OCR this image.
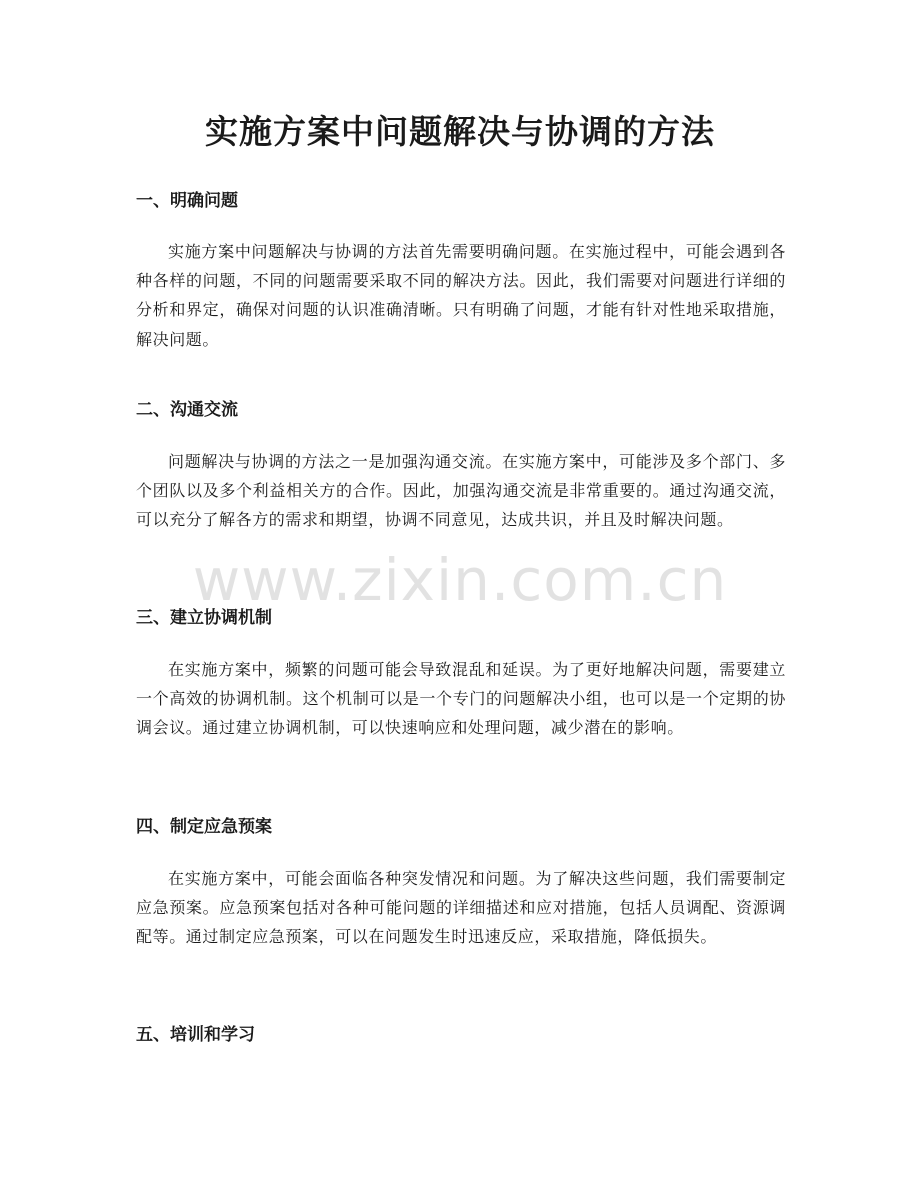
实施方案中问题解决与协调的方法
一、明确问题

实施方案中问题解决与协调的方法首先需要明确问题。在实施过程中，可能会遇到各种各样的问题，不同的问题需要采取不同的解决方法。因此，我们需要对问题进行详细的分析和界定，确保对问题的认识准确清晰。只有明确了问题，才能有针对性地采取措施，解决问题。

二、沟通交流

问题解决与协调的方法之一是加强沟通交流。在实施方案中，可能涉及多个部门、多个团队以及多个利益相关方的合作。因此，加强沟通交流是非常重要的。通过沟通交流，可以充分了解各方的需求和期望，协调不同意见，达成共识，并且及时解决问题。

三、建立协调机制

在实施方案中，频繁的问题可能会导致混乱和延误。为了更好地解决问题，需要建立一个高效的协调机制。这个机制可以是一个专门的问题解决小组，也可以是一个定期的协调会议。通过建立协调机制，可以快速响应和处理问题，减少潜在的影响。

四、制定应急预案

在实施方案中，可能会面临各种突发情况和问题。为了解决这些问题，我们需要制定应急预案。应急预案包括对各种可能问题的详细描述和应对措施，包括人员调配、资源调配等。通过制定应急预案，可以在问题发生时迅速反应，采取措施，降低损失。

五、培训和学习
www.zixin.com.cn
